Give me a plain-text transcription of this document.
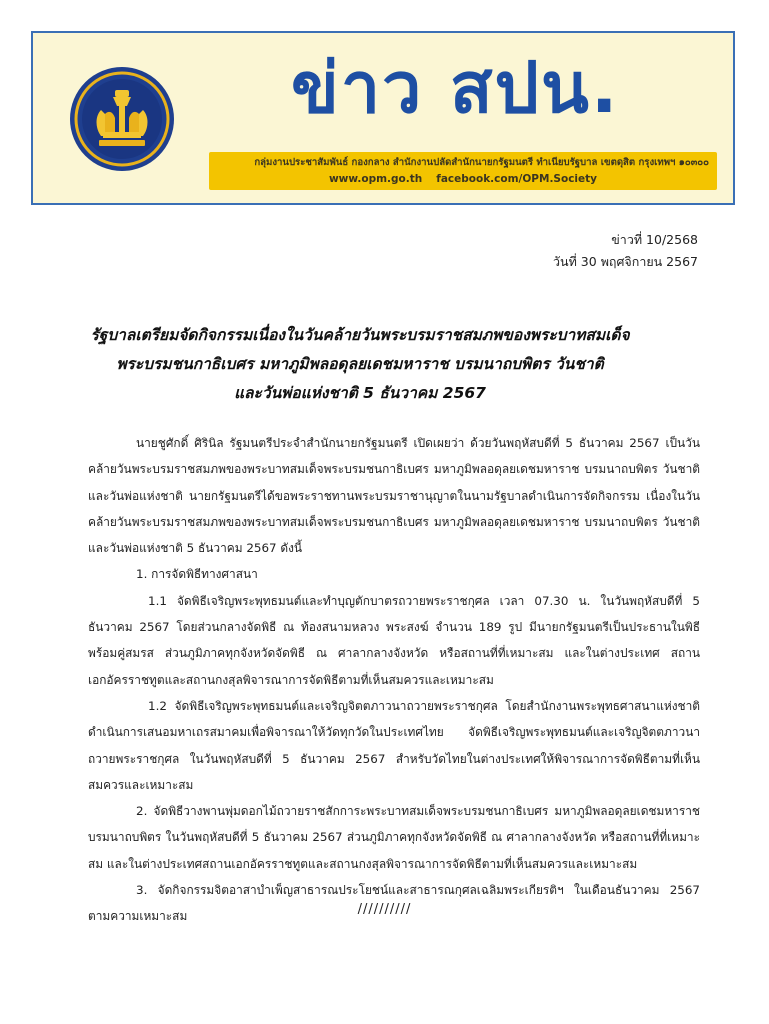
ข่าว สปน.
กลุ่มงานประชาสัมพันธ์ กองกลาง สำนักงานปลัดสำนักนายกรัฐมนตรี ทำเนียบรัฐบาล เขตดุสิต กรุงเทพฯ ๑๐๓๐๐
www.opm.go.th facebook.com/OPM.Society
ข่าวที่ 10/2568
วันที่ 30 พฤศจิกายน 2567
รัฐบาลเตรียมจัดกิจกรรมเนื่องในวันคล้ายวันพระบรมราชสมภพของพระบาทสมเด็จ
พระบรมชนกาธิเบศร มหาภูมิพลอดุลยเดชมหาราช บรมนาถบพิตร วันชาติ
และวันพ่อแห่งชาติ 5 ธันวาคม 2567

นายชูศักดิ์ ศิรินิล รัฐมนตรีประจำสำนักนายกรัฐมนตรี เปิดเผยว่า ด้วยวันพฤหัสบดีที่ 5 ธันวาคม 2567 เป็นวันคล้ายวันพระบรมราชสมภพของพระบาทสมเด็จพระบรมชนกาธิเบศร มหาภูมิพลอดุลยเดชมหาราช บรมนาถบพิตร วันชาติ และวันพ่อแห่งชาติ นายกรัฐมนตรีได้ขอพระราชทานพระบรมราชานุญาตในนามรัฐบาลดำเนินการจัดกิจกรรม เนื่องในวันคล้ายวันพระบรมราชสมภพของพระบาทสมเด็จพระบรมชนกาธิเบศร มหาภูมิพลอดุลยเดชมหาราช บรมนาถบพิตร วันชาติ และวันพ่อแห่งชาติ 5 ธันวาคม 2567 ดังนี้

1. การจัดพิธีทางศาสนา

1.1 จัดพิธีเจริญพระพุทธมนต์และทำบุญตักบาตรถวายพระราชกุศล เวลา 07.30 น. ในวันพฤหัสบดีที่ 5 ธันวาคม 2567 โดยส่วนกลางจัดพิธี ณ ท้องสนามหลวง พระสงฆ์ จำนวน 189 รูป มีนายกรัฐมนตรีเป็นประธานในพิธีพร้อมคู่สมรส ส่วนภูมิภาคทุกจังหวัดจัดพิธี ณ ศาลากลางจังหวัด หรือสถานที่ที่เหมาะสม และในต่างประเทศ สถานเอกอัครราชทูตและสถานกงสุลพิจารณาการจัดพิธีตามที่เห็นสมควรและเหมาะสม

1.2 จัดพิธีเจริญพระพุทธมนต์และเจริญจิตตภาวนาถวายพระราชกุศล โดยสำนักงานพระพุทธศาสนาแห่งชาติ ดำเนินการเสนอมหาเถรสมาคมเพื่อพิจารณาให้วัดทุกวัดในประเทศไทย จัดพิธีเจริญพระพุทธมนต์และเจริญจิตตภาวนาถวายพระราชกุศล ในวันพฤหัสบดีที่ 5 ธันวาคม 2567 สำหรับวัดไทยในต่างประเทศให้พิจารณาการจัดพิธีตามที่เห็นสมควรและเหมาะสม

2. จัดพิธีวางพานพุ่มดอกไม้ถวายราชสักการะพระบาทสมเด็จพระบรมชนกาธิเบศร มหาภูมิพลอดุลยเดชมหาราช บรมนาถบพิตร ในวันพฤหัสบดีที่ 5 ธันวาคม 2567 ส่วนภูมิภาคทุกจังหวัดจัดพิธี ณ ศาลากลางจังหวัด หรือสถานที่ที่เหมาะสม และในต่างประเทศสถานเอกอัครราชทูตและสถานกงสุลพิจารณาการจัดพิธีตามที่เห็นสมควรและเหมาะสม

3. จัดกิจกรรมจิตอาสาบำเพ็ญสาธารณประโยชน์และสาธารณกุศลเฉลิมพระเกียรติฯ ในเดือนธันวาคม 2567 ตามความเหมาะสม	//////////
